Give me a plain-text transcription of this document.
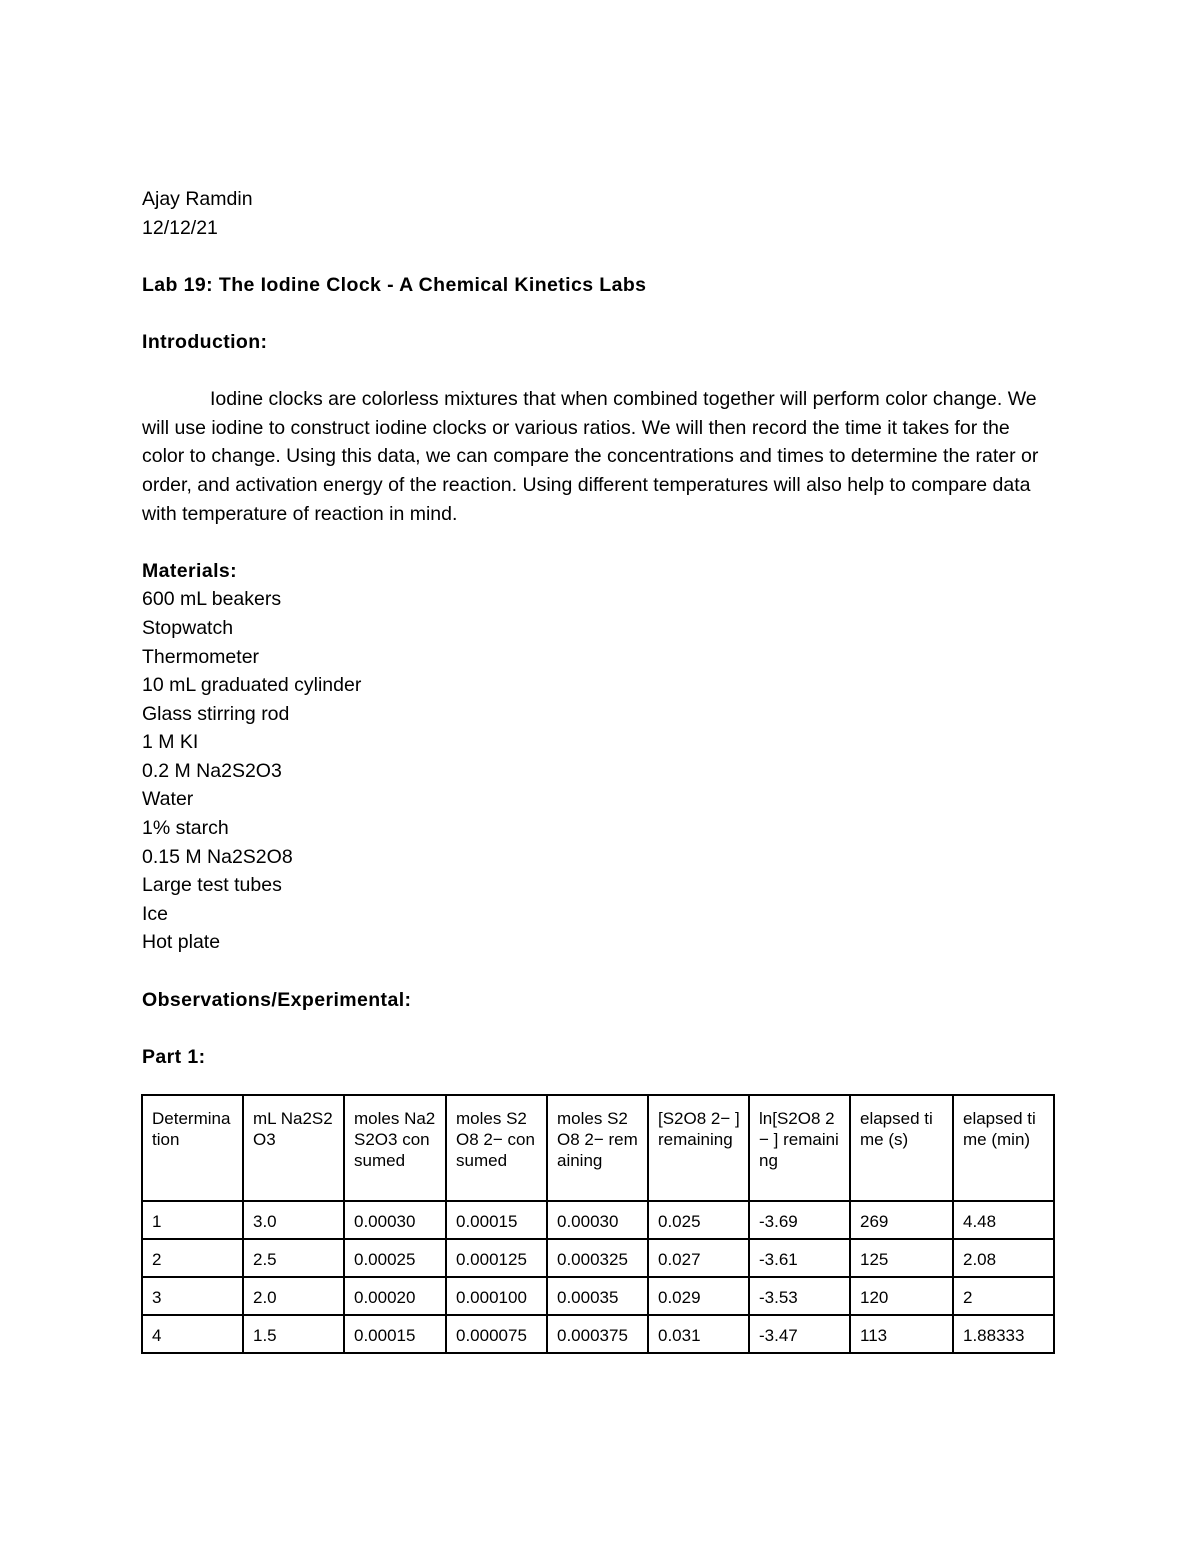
Ajay Ramdin
12/12/21
Lab 19: The Iodine Clock - A Chemical Kinetics Labs
Introduction:
Iodine clocks are colorless mixtures that when combined together will perform color change. We will use iodine to construct iodine clocks or various ratios. We will then record the time it takes for the color to change. Using this data, we can compare the concentrations and times to determine the rater or order, and activation energy of the reaction. Using different temperatures will also help to compare data with temperature of reaction in mind.
Materials:
600 mL beakers
Stopwatch
Thermometer
10 mL graduated cylinder
Glass stirring rod
1 M KI
0.2 M Na2S2O3
Water
1% starch
0.15 M Na2S2O8
Large test tubes
Ice
Hot plate
Observations/Experimental:
Part 1:
Determination	mL Na2S2O3	moles Na2S2O3 consumed	moles S2O8 2− consumed	moles S2O8 2− remaining	[S2O8 2− ] remaining	ln[S2O8 2− ] remaining	elapsed time (s)	elapsed time (min)
1	3.0	0.00030	0.00015	0.00030	0.025	-3.69	269	4.48
2	2.5	0.00025	0.000125	0.000325	0.027	-3.61	125	2.08
3	2.0	0.00020	0.000100	0.00035	0.029	-3.53	120	2
4	1.5	0.00015	0.000075	0.000375	0.031	-3.47	113	1.88333
